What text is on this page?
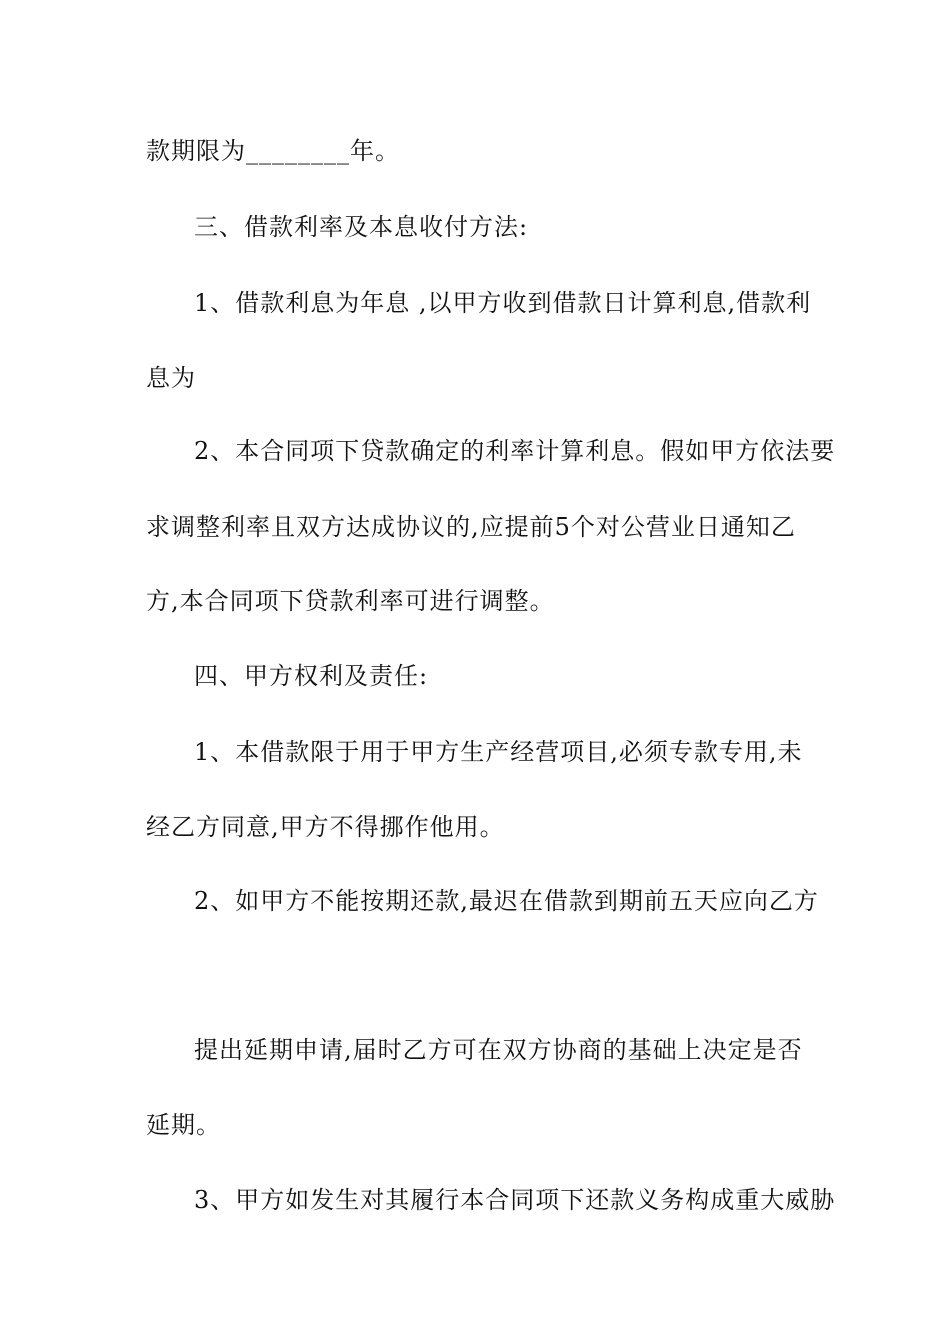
款期限为________年。
三、借款利率及本息收付方法:
1、借款利息为年息 ,以甲方收到借款日计算利息,借款利
息为
2、本合同项下贷款确定的利率计算利息。假如甲方依法要
求调整利率且双方达成协议的,应提前5个对公营业日通知乙
方,本合同项下贷款利率可进行调整。
四、甲方权利及责任:
1、本借款限于用于甲方生产经营项目,必须专款专用,未
经乙方同意,甲方不得挪作他用。
2、如甲方不能按期还款,最迟在借款到期前五天应向乙方
提出延期申请,届时乙方可在双方协商的基础上决定是否
延期。
3、甲方如发生对其履行本合同项下还款义务构成重大威胁
